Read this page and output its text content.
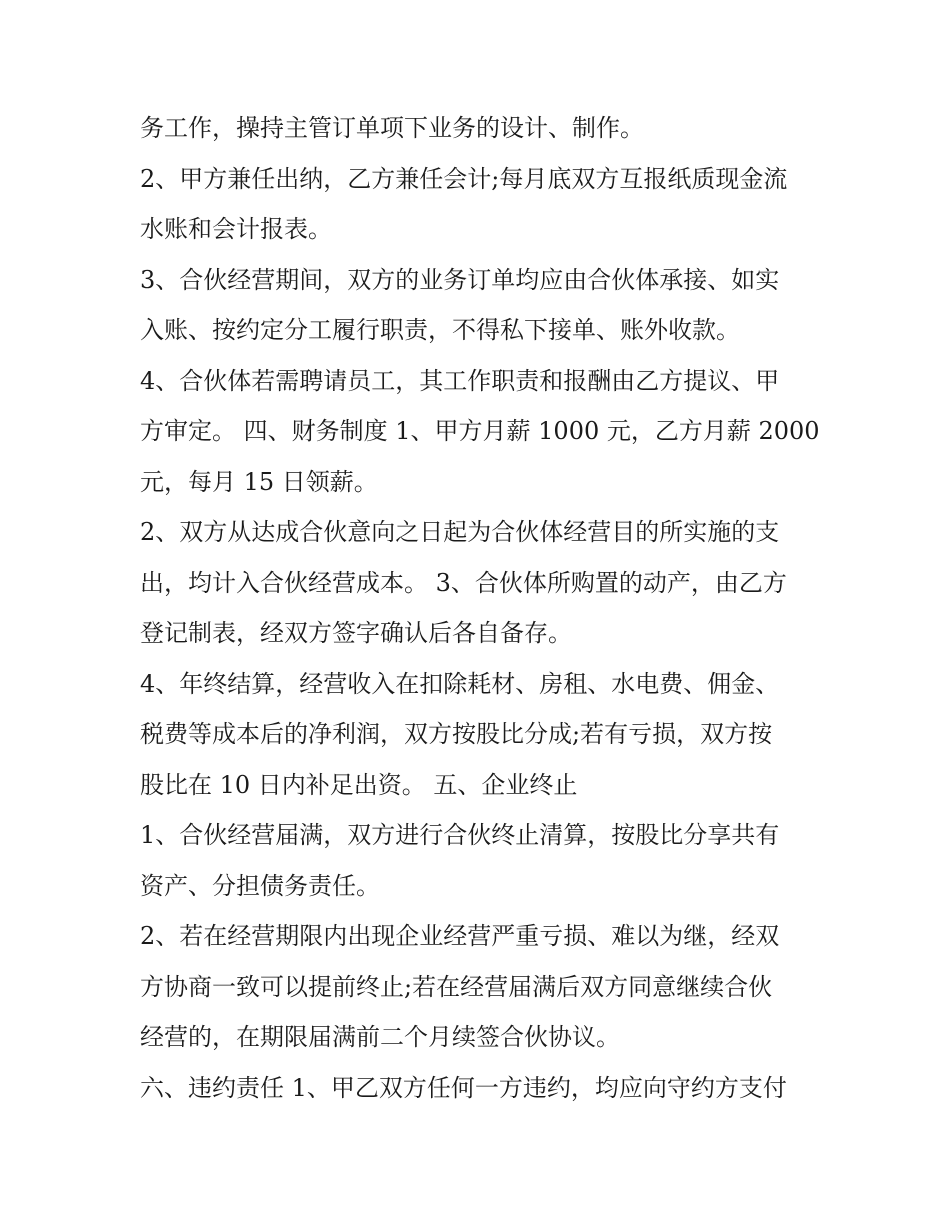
务工作，操持主管订单项下业务的设计、制作。
2、甲方兼任出纳，乙方兼任会计;每月底双方互报纸质现金流
水账和会计报表。
3、合伙经营期间，双方的业务订单均应由合伙体承接、如实
入账、按约定分工履行职责，不得私下接单、账外收款。
4、合伙体若需聘请员工，其工作职责和报酬由乙方提议、甲
方审定。 四、财务制度 1、甲方月薪 1000 元，乙方月薪 2000
元，每月 15 日领薪。
2、双方从达成合伙意向之日起为合伙体经营目的所实施的支
出，均计入合伙经营成本。 3、合伙体所购置的动产，由乙方
登记制表，经双方签字确认后各自备存。
4、年终结算，经营收入在扣除耗材、房租、水电费、佣金、
税费等成本后的净利润，双方按股比分成;若有亏损，双方按
股比在 10 日内补足出资。 五、企业终止
1、合伙经营届满，双方进行合伙终止清算，按股比分享共有
资产、分担债务责任。
2、若在经营期限内出现企业经营严重亏损、难以为继，经双
方协商一致可以提前终止;若在经营届满后双方同意继续合伙
经营的，在期限届满前二个月续签合伙协议。
六、违约责任 1、甲乙双方任何一方违约，均应向守约方支付
